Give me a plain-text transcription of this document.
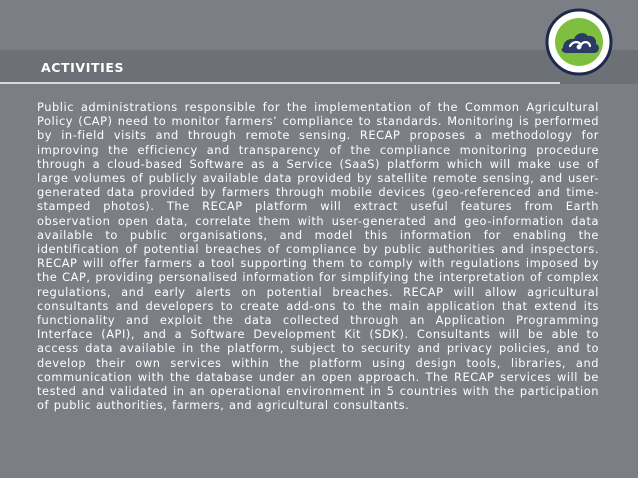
ACTIVITIES

Public administrations responsible for the implementation of the Common Agricultural Policy (CAP) need to monitor farmers’ compliance to standards. Monitoring is performed by in-field visits and through remote sensing. RECAP proposes a methodology for improving the efficiency and transparency of the compliance monitoring procedure through a cloud-based Software as a Service (SaaS) platform which will make use of large volumes of publicly available data provided by satellite remote sensing, and user-generated data provided by farmers through mobile devices (geo-referenced and time-stamped photos). The RECAP platform will extract useful features from Earth observation open data, correlate them with user-generated and geo-information data available to public organisations, and model this information for enabling the identification of potential breaches of compliance by public authorities and inspectors. RECAP will offer farmers a tool supporting them to comply with regulations imposed by the CAP, providing personalised information for simplifying the interpretation of complex regulations, and early alerts on potential breaches. RECAP will allow agricultural consultants and developers to create add-ons to the main application that extend its functionality and exploit the data collected through an Application Programming Interface (API), and a Software Development Kit (SDK). Consultants will be able to access data available in the platform, subject to security and privacy policies, and to develop their own services within the platform using design tools, libraries, and communication with the database under an open approach. The RECAP services will be tested and validated in an operational environment in 5 countries with the participation of public authorities, farmers, and agricultural consultants.
